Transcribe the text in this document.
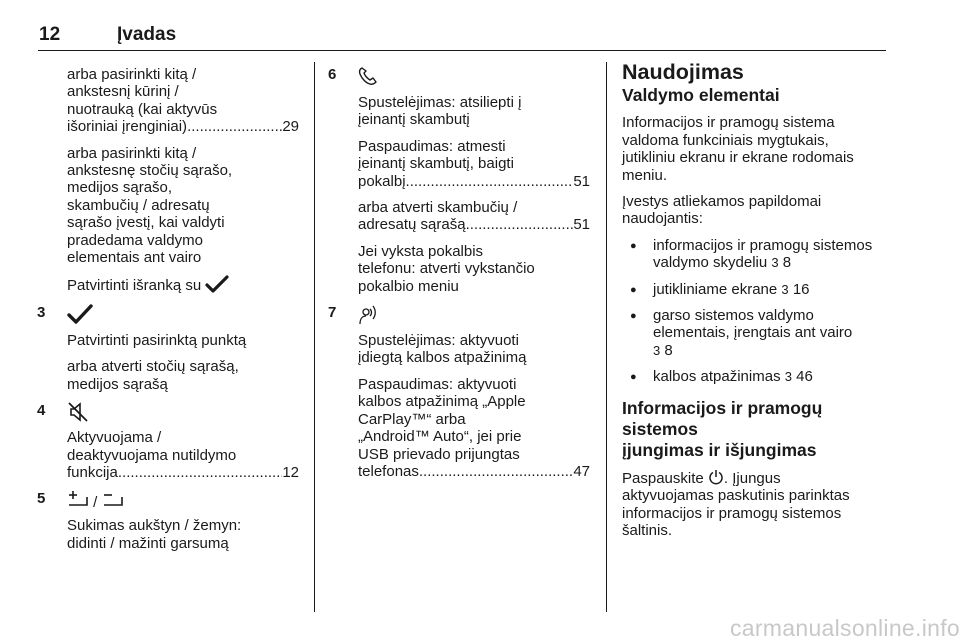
12	Įvadas

arba pasirinkti kitą /
ankstesnį kūrinį /
nuotrauką (kai aktyvūs

išoriniai įrenginiai) .....	29

arba pasirinkti kitą /
ankstesnę stočių sąrašo,
medijos sąrašo,
skambučių / adresatų
sąrašo įvestį, kai valdyti
pradedama valdymo
elementais ant vairo

Patvirtinti išranką su

3

Patvirtinti pasirinktą punktą

arba atverti stočių sąrašą,
medijos sąrašą

4

Aktyvuojama /
deaktyvuojama nutildymo

funkcija .....	12

5	/

Sukimas aukštyn / žemyn:
didinti / mažinti garsumą

6

Spustelėjimas: atsiliepti į
įeinantį skambutį

Paspaudimas: atmesti
įeinantį skambutį, baigti

pokalbį .....	51

arba atverti skambučių /

adresatų sąrašą .....	51

Jei vyksta pokalbis
telefonu: atverti vykstančio
pokalbio meniu

7

Spustelėjimas: aktyvuoti
įdiegtą kalbos atpažinimą

Paspaudimas: aktyvuoti
kalbos atpažinimą „Apple
CarPlay™“ arba
„Android™ Auto“, jei prie
USB prievado prijungtas

telefonas .....	47

Naudojimas
Valdymo elementai

Informacijos ir pramogų sistema
valdoma funkciniais mygtukais,
jutikliniu ekranu ir ekrane rodomais
meniu.

Įvestys atliekamos papildomai
naudojantis:

● informacijos ir pramogų sistemos
valdymo skydeliu 3 8
● jutikliniame ekrane 3 16
● garso sistemos valdymo
elementais, įrengtais ant vairo
3 8
● kalbos atpažinimas 3 46
Informacijos ir pramogų sistemos
įjungimas ir išjungimas

Paspauskite . Įjungus
aktyvuojamas paskutinis parinktas
informacijos ir pramogų sistemos
šaltinis.

carmanualsonline.info
